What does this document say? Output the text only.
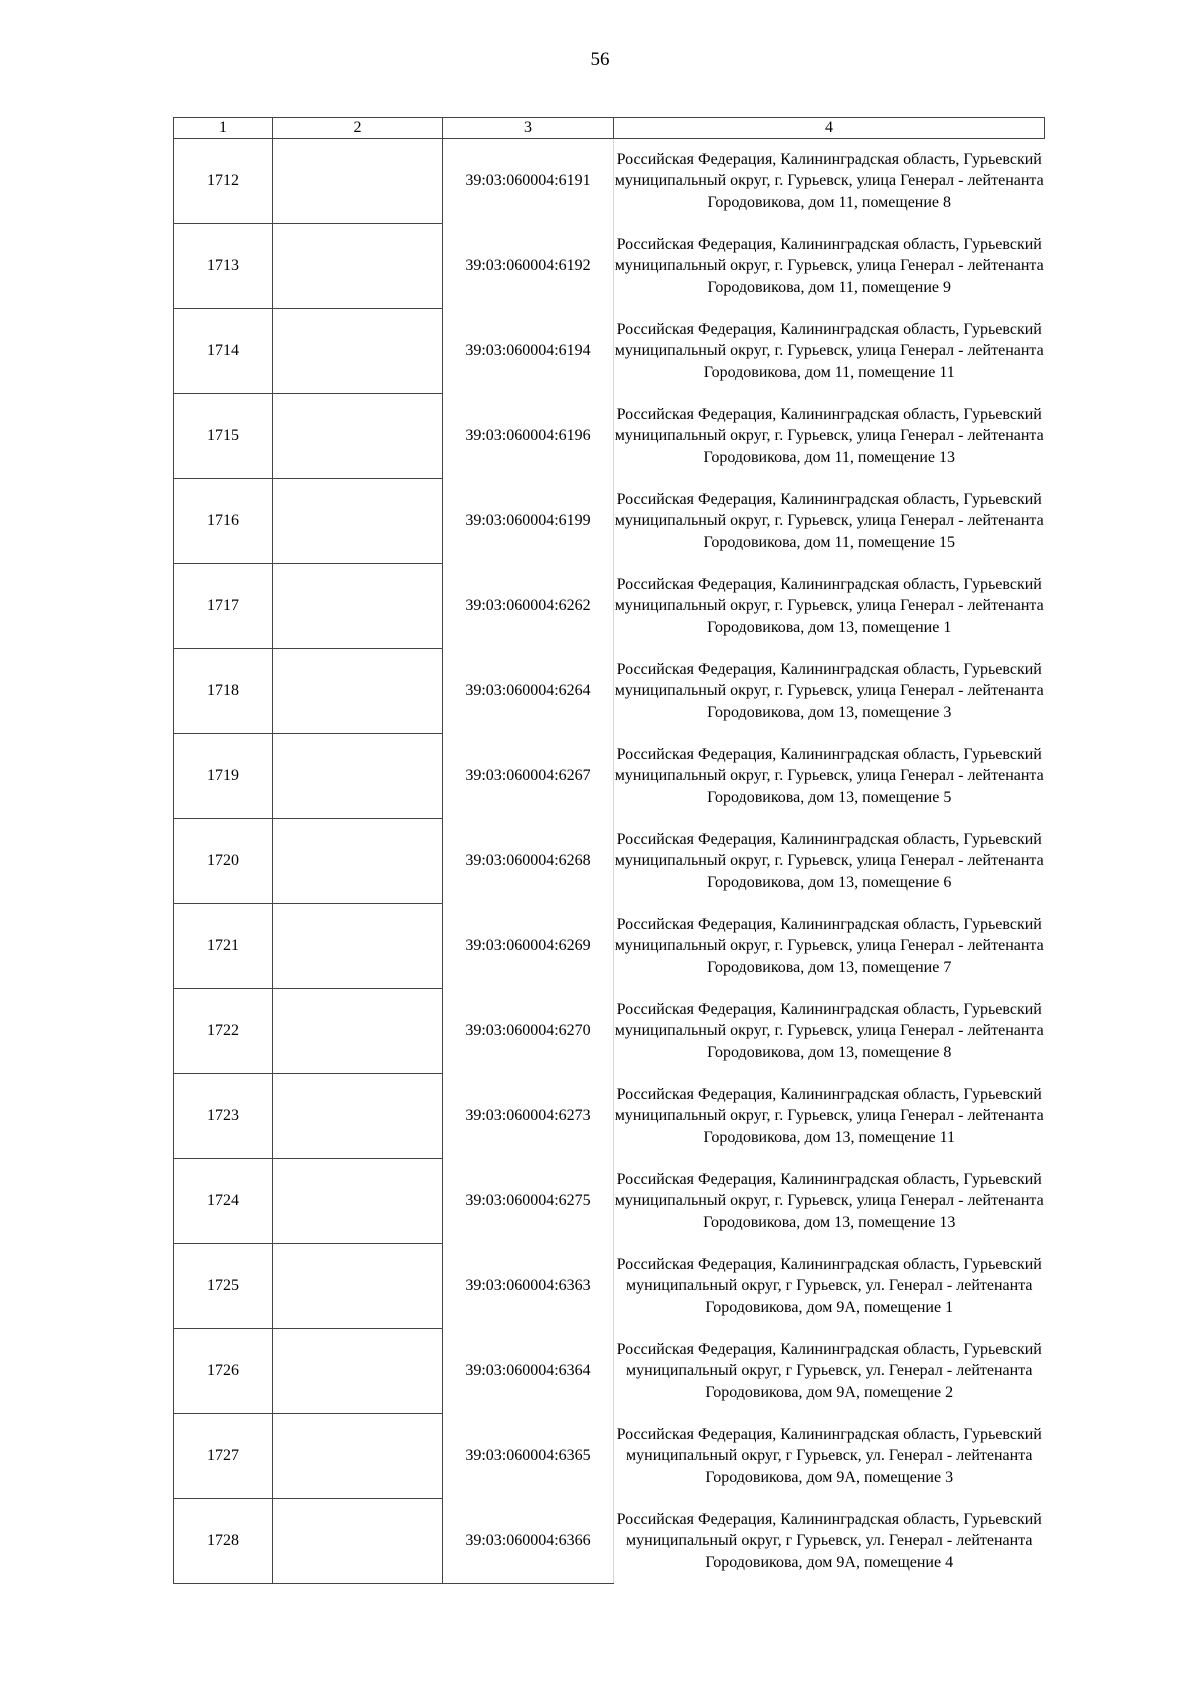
56
1	2	3	4
1712		39:03:060004:6191	Российская Федерация, Калининградская область, Гурьевский муниципальный округ, г. Гурьевск, улица Генерал - лейтенанта Городовикова, дом 11, помещение 8
1713		39:03:060004:6192	Российская Федерация, Калининградская область, Гурьевский муниципальный округ, г. Гурьевск, улица Генерал - лейтенанта Городовикова, дом 11, помещение 9
1714		39:03:060004:6194	Российская Федерация, Калининградская область, Гурьевский муниципальный округ, г. Гурьевск, улица Генерал - лейтенанта Городовикова, дом 11, помещение 11
1715		39:03:060004:6196	Российская Федерация, Калининградская область, Гурьевский муниципальный округ, г. Гурьевск, улица Генерал - лейтенанта Городовикова, дом 11, помещение 13
1716		39:03:060004:6199	Российская Федерация, Калининградская область, Гурьевский муниципальный округ, г. Гурьевск, улица Генерал - лейтенанта Городовикова, дом 11, помещение 15
1717		39:03:060004:6262	Российская Федерация, Калининградская область, Гурьевский муниципальный округ, г. Гурьевск, улица Генерал - лейтенанта Городовикова, дом 13, помещение 1
1718		39:03:060004:6264	Российская Федерация, Калининградская область, Гурьевский муниципальный округ, г. Гурьевск, улица Генерал - лейтенанта Городовикова, дом 13, помещение 3
1719		39:03:060004:6267	Российская Федерация, Калининградская область, Гурьевский муниципальный округ, г. Гурьевск, улица Генерал - лейтенанта Городовикова, дом 13, помещение 5
1720		39:03:060004:6268	Российская Федерация, Калининградская область, Гурьевский муниципальный округ, г. Гурьевск, улица Генерал - лейтенанта Городовикова, дом 13, помещение 6
1721		39:03:060004:6269	Российская Федерация, Калининградская область, Гурьевский муниципальный округ, г. Гурьевск, улица Генерал - лейтенанта Городовикова, дом 13, помещение 7
1722		39:03:060004:6270	Российская Федерация, Калининградская область, Гурьевский муниципальный округ, г. Гурьевск, улица Генерал - лейтенанта Городовикова, дом 13, помещение 8
1723		39:03:060004:6273	Российская Федерация, Калининградская область, Гурьевский муниципальный округ, г. Гурьевск, улица Генерал - лейтенанта Городовикова, дом 13, помещение 11
1724		39:03:060004:6275	Российская Федерация, Калининградская область, Гурьевский муниципальный округ, г. Гурьевск, улица Генерал - лейтенанта Городовикова, дом 13, помещение 13
1725		39:03:060004:6363	Российская Федерация, Калининградская область, Гурьевский муниципальный округ, г Гурьевск, ул. Генерал - лейтенанта Городовикова, дом 9А, помещение 1
1726		39:03:060004:6364	Российская Федерация, Калининградская область, Гурьевский муниципальный округ, г Гурьевск, ул. Генерал - лейтенанта Городовикова, дом 9А, помещение 2
1727		39:03:060004:6365	Российская Федерация, Калининградская область, Гурьевский муниципальный округ, г Гурьевск, ул. Генерал - лейтенанта Городовикова, дом 9А, помещение 3
1728		39:03:060004:6366	Российская Федерация, Калининградская область, Гурьевский муниципальный округ, г Гурьевск, ул. Генерал - лейтенанта Городовикова, дом 9А, помещение 4
